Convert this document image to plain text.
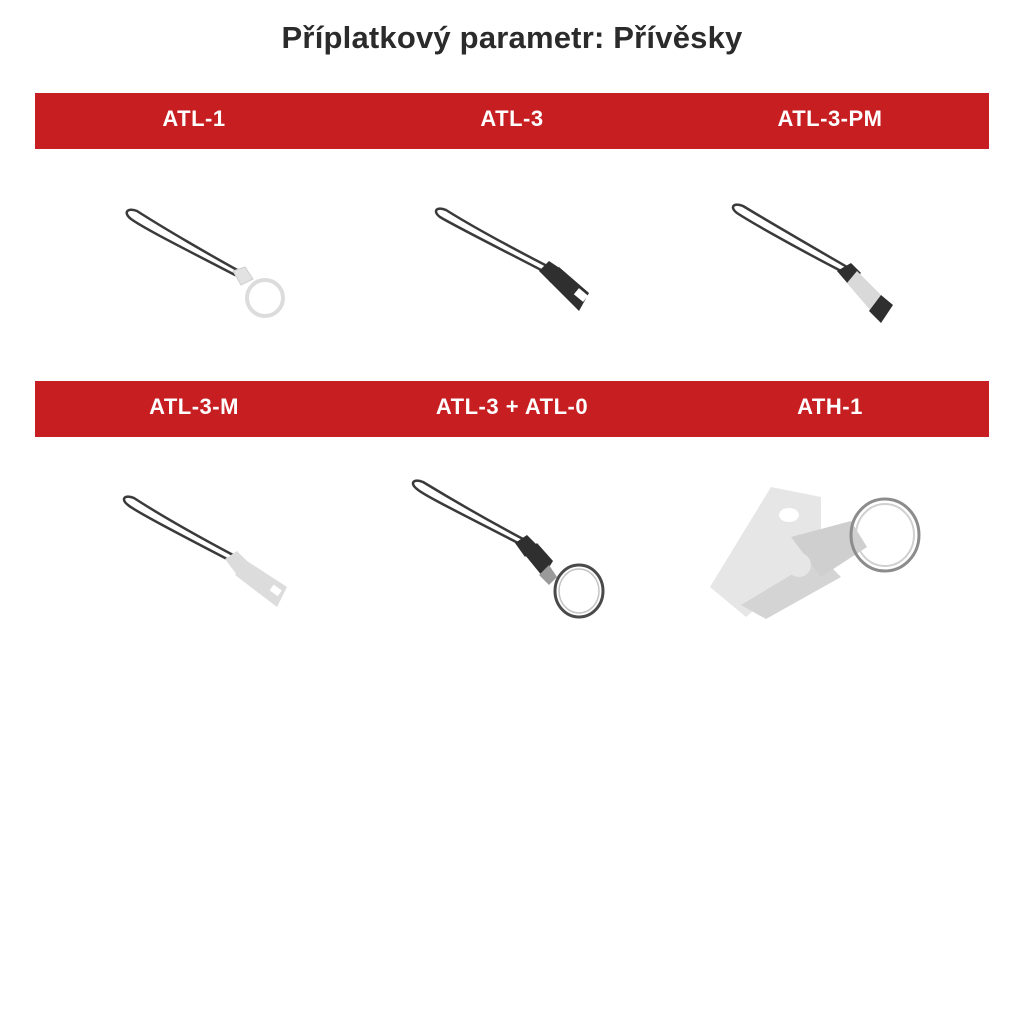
Příplatkový parametr: Přívěsky
ATL-1	ATL-3	ATL-3-PM
ATL-3-M	ATL-3 + ATL-0	ATH-1
